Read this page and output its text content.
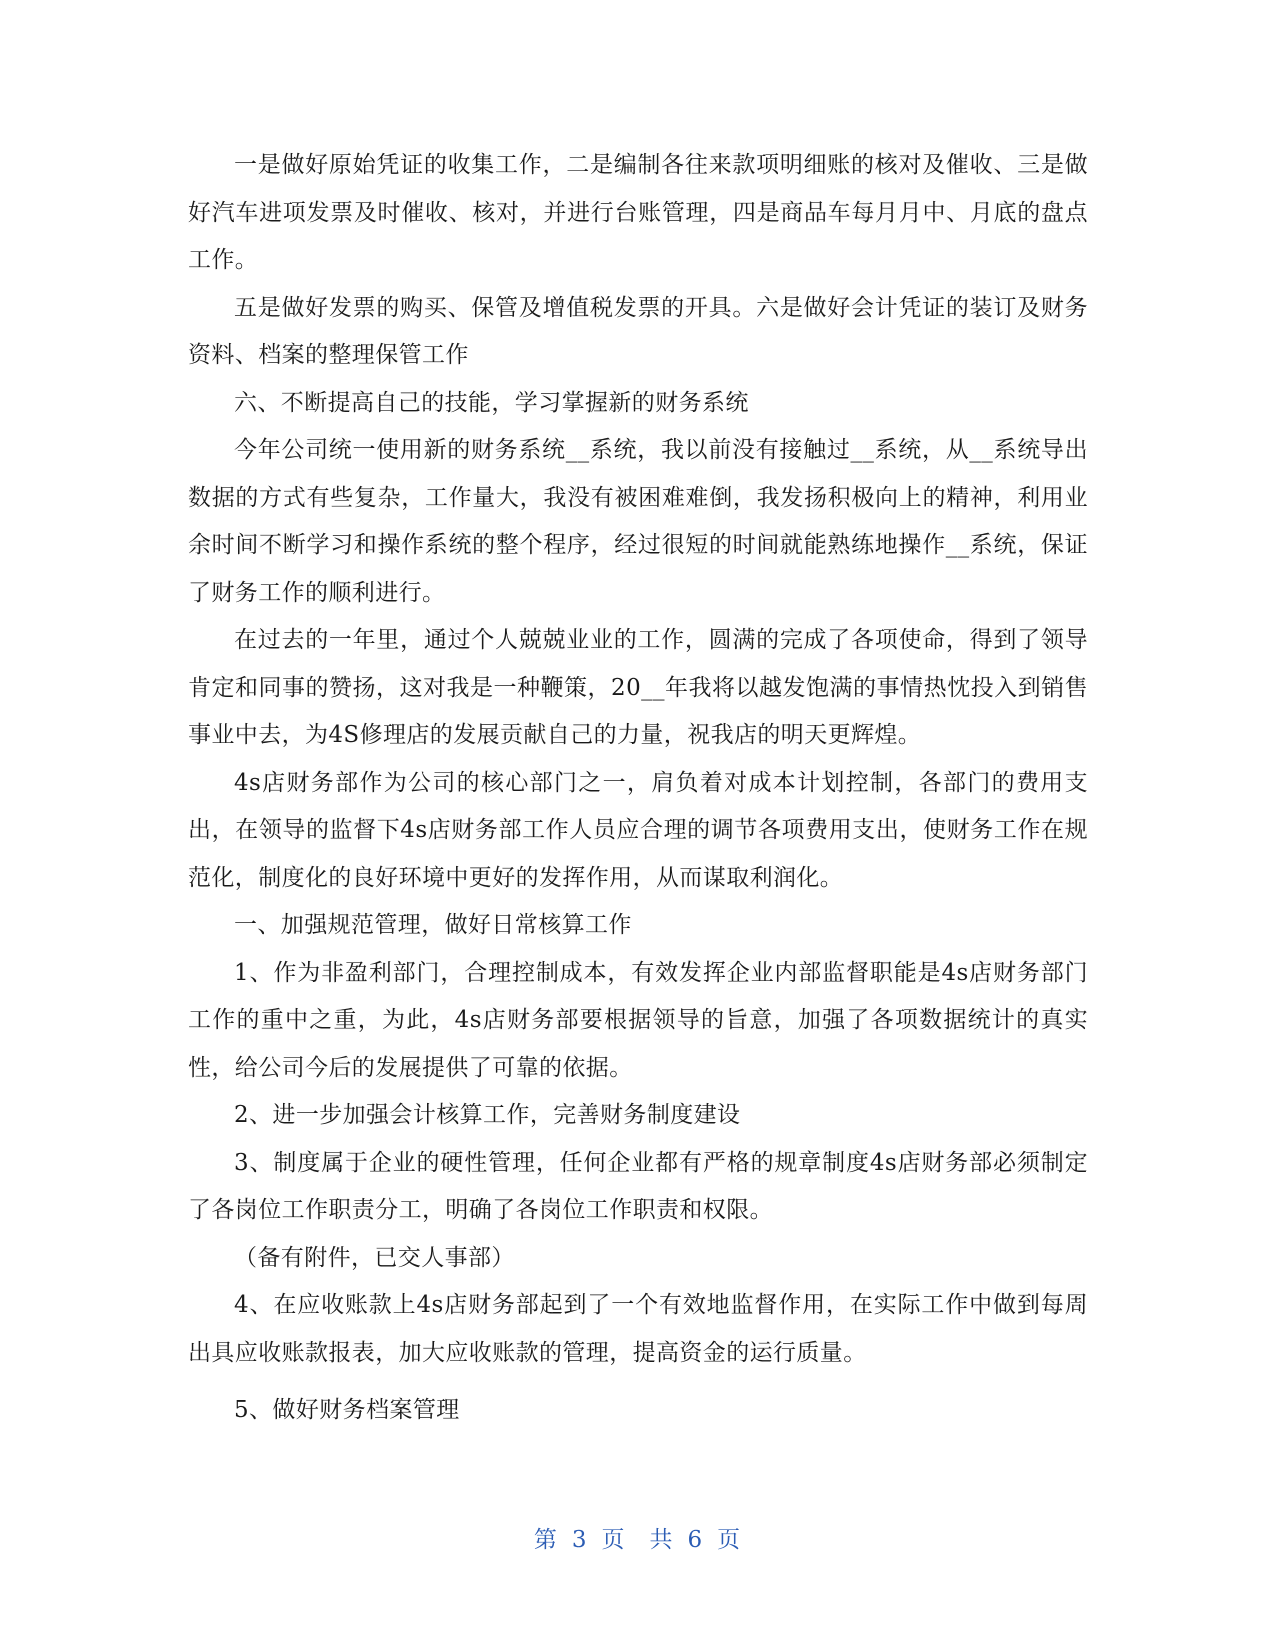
一是做好原始凭证的收集工作，二是编制各往来款项明细账的核对及催收、三是做好汽车进项发票及时催收、核对，并进行台账管理，四是商品车每月月中、月底的盘点工作。

五是做好发票的购买、保管及增值税发票的开具。六是做好会计凭证的装订及财务资料、档案的整理保管工作

六、不断提高自己的技能，学习掌握新的财务系统

今年公司统一使用新的财务系统__系统，我以前没有接触过__系统，从__系统导出数据的方式有些复杂，工作量大，我没有被困难难倒，我发扬积极向上的精神，利用业余时间不断学习和操作系统的整个程序，经过很短的时间就能熟练地操作__系统，保证了财务工作的顺利进行。

在过去的一年里，通过个人兢兢业业的工作，圆满的完成了各项使命，得到了领导肯定和同事的赞扬，这对我是一种鞭策，20__年我将以越发饱满的事情热忱投入到销售事业中去，为4S修理店的发展贡献自己的力量，祝我店的明天更辉煌。

4s店财务部作为公司的核心部门之一，肩负着对成本计划控制，各部门的费用支出，在领导的监督下4s店财务部工作人员应合理的调节各项费用支出，使财务工作在规范化，制度化的良好环境中更好的发挥作用，从而谋取利润化。

一、加强规范管理，做好日常核算工作

1、作为非盈利部门，合理控制成本，有效发挥企业内部监督职能是4s店财务部门工作的重中之重，为此，4s店财务部要根据领导的旨意，加强了各项数据统计的真实性，给公司今后的发展提供了可靠的依据。

2、进一步加强会计核算工作，完善财务制度建设

3、制度属于企业的硬性管理，任何企业都有严格的规章制度4s店财务部必须制定了各岗位工作职责分工，明确了各岗位工作职责和权限。

（备有附件，已交人事部）

4、在应收账款上4s店财务部起到了一个有效地监督作用，在实际工作中做到每周出具应收账款报表，加大应收账款的管理，提高资金的运行质量。

5、做好财务档案管理

第 3 页 共 6 页
